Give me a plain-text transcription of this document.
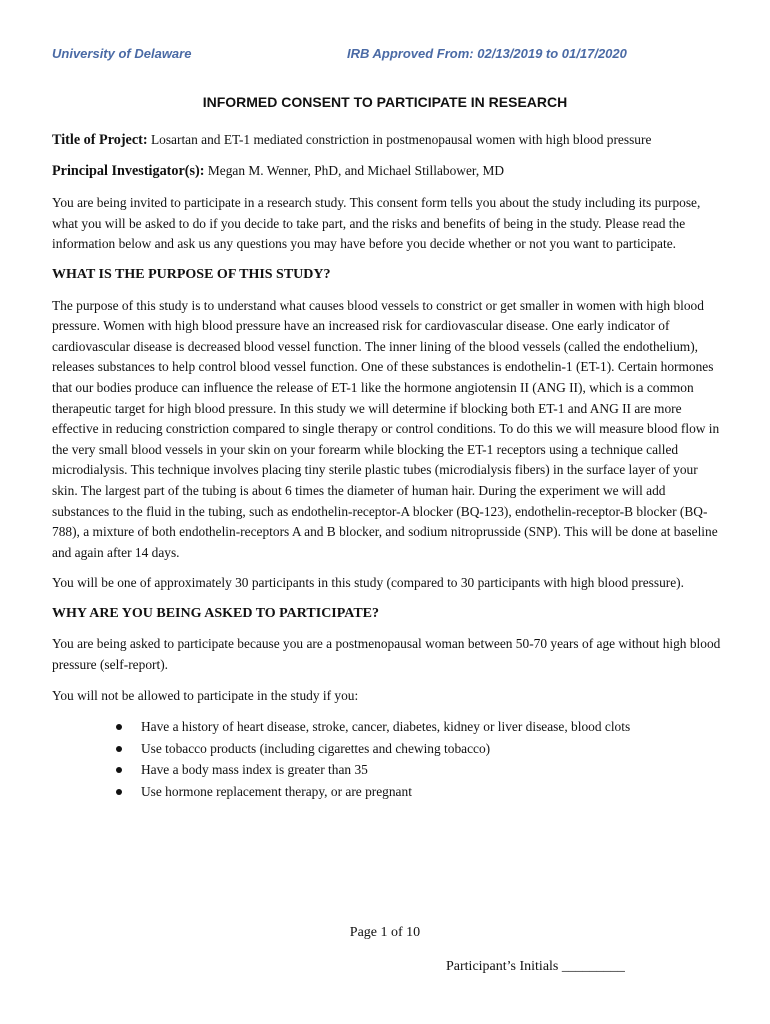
University of Delaware	IRB Approved From: 02/13/2019 to 01/17/2020
INFORMED CONSENT TO PARTICIPATE IN RESEARCH

Title of Project: Losartan and ET-1 mediated constriction in postmenopausal women with high blood pressure

Principal Investigator(s): Megan M. Wenner, PhD, and Michael Stillabower, MD

You are being invited to participate in a research study. This consent form tells you about the study including its purpose, what you will be asked to do if you decide to take part, and the risks and benefits of being in the study. Please read the information below and ask us any questions you may have before you decide whether or not you want to participate.

WHAT IS THE PURPOSE OF THIS STUDY?

The purpose of this study is to understand what causes blood vessels to constrict or get smaller in women with high blood pressure. Women with high blood pressure have an increased risk for cardiovascular disease. One early indicator of cardiovascular disease is decreased blood vessel function. The inner lining of the blood vessels (called the endothelium), releases substances to help control blood vessel function. One of these substances is endothelin-1 (ET-1). Certain hormones that our bodies produce can influence the release of ET-1 like the hormone angiotensin II (ANG II), which is a common therapeutic target for high blood pressure. In this study we will determine if blocking both ET-1 and ANG II are more effective in reducing constriction compared to single therapy or control conditions. To do this we will measure blood flow in the very small blood vessels in your skin on your forearm while blocking the ET-1 receptors using a technique called microdialysis. This technique involves placing tiny sterile plastic tubes (microdialysis fibers) in the surface layer of your skin. The largest part of the tubing is about 6 times the diameter of human hair. During the experiment we will add substances to the fluid in the tubing, such as endothelin-receptor-A blocker (BQ-123), endothelin-receptor-B blocker (BQ-788), a mixture of both endothelin-receptors A and B blocker, and sodium nitroprusside (SNP). This will be done at baseline and again after 14 days.

You will be one of approximately 30 participants in this study (compared to 30 participants with high blood pressure).

WHY ARE YOU BEING ASKED TO PARTICIPATE?

You are being asked to participate because you are a postmenopausal woman between 50-70 years of age without high blood pressure (self-report).

You will not be allowed to participate in the study if you:

Have a history of heart disease, stroke, cancer, diabetes, kidney or liver disease, blood clots
Use tobacco products (including cigarettes and chewing tobacco)
Have a body mass index is greater than 35
Use hormone replacement therapy, or are pregnant
Page 1 of 10
Participant’s Initials _________
